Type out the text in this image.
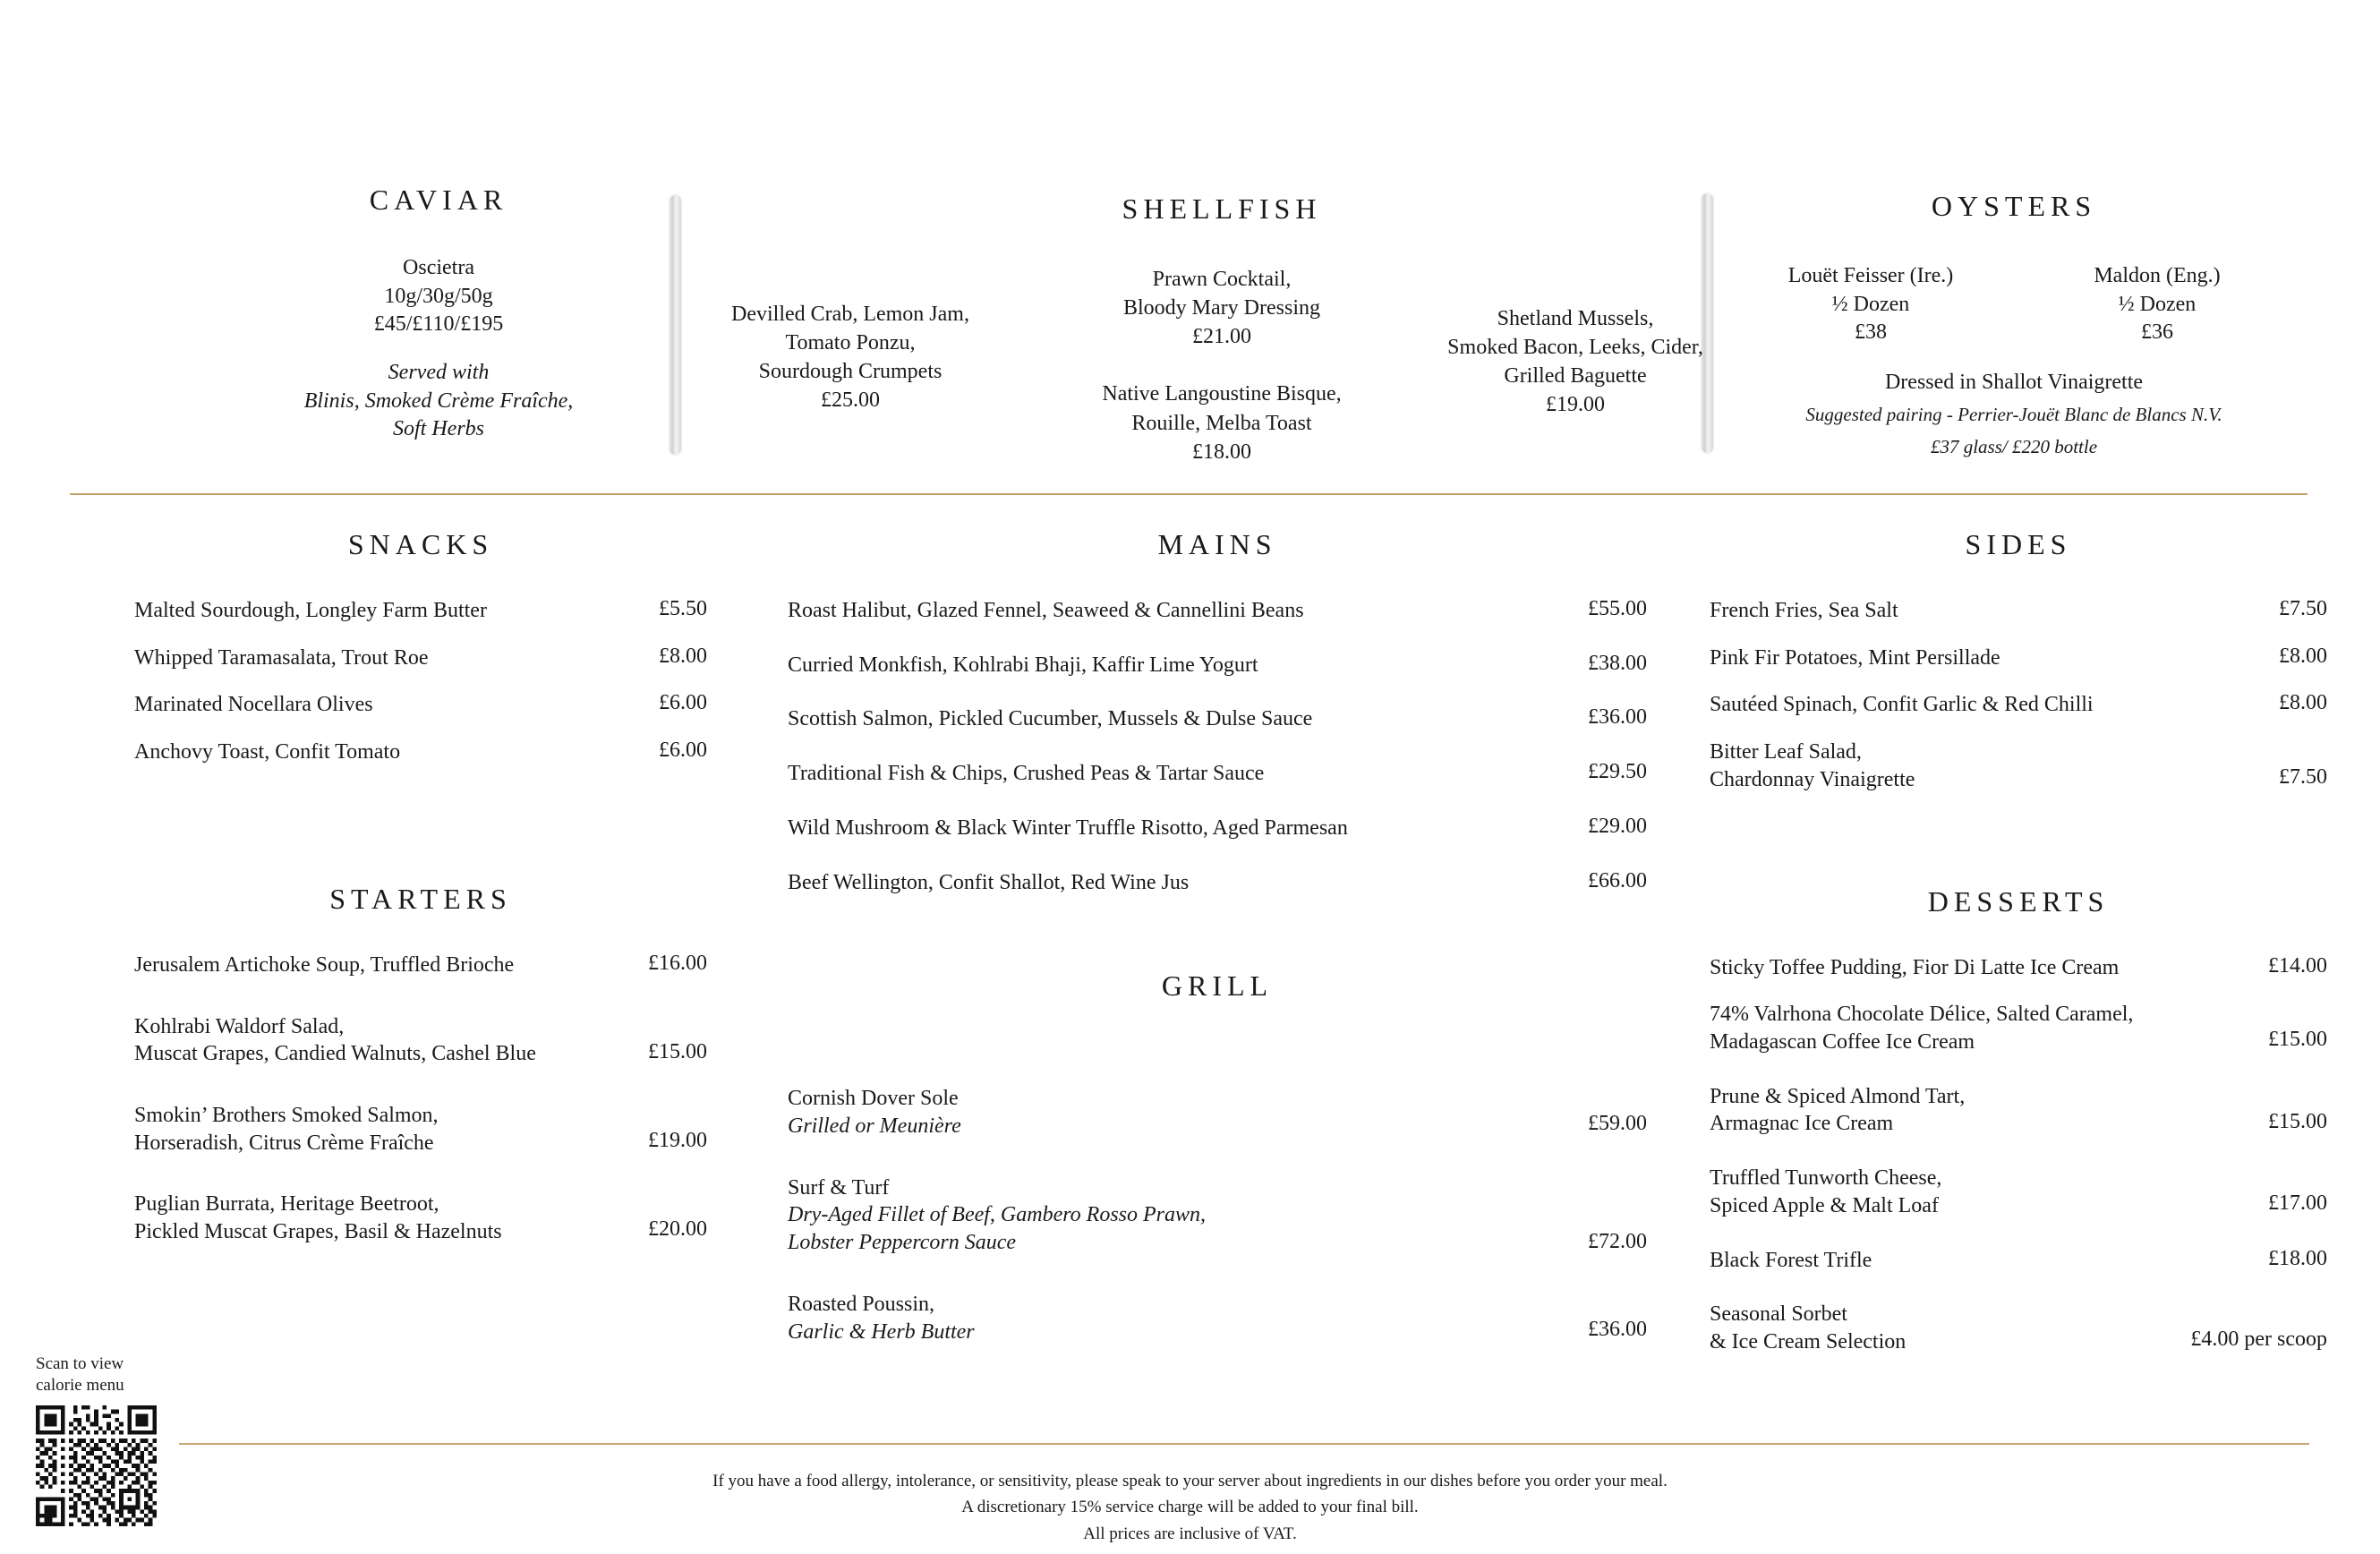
CAVIAR
Oscietra
10g/30g/50g
£45/£110/£195
Served with
Blinis, Smoked Crème Fraîche,
Soft Herbs
Devilled Crab, Lemon Jam,
Tomato Ponzu,
Sourdough Crumpets
£25.00
SHELLFISH
Prawn Cocktail,
Bloody Mary Dressing
£21.00
Native Langoustine Bisque,
Rouille, Melba Toast
£18.00
Shetland Mussels,
Smoked Bacon, Leeks, Cider,
Grilled Baguette
£19.00
OYSTERS
Louët Feisser (Ire.)
½ Dozen
£38
Maldon (Eng.)
½ Dozen
£36
Dressed in Shallot Vinaigrette
Suggested pairing - Perrier-Jouët Blanc de Blancs N.V.
£37 glass/ £220 bottle
SNACKS
Malted Sourdough, Longley Farm Butter	£5.50
Whipped Taramasalata, Trout Roe	£8.00
Marinated Nocellara Olives	£6.00
Anchovy Toast, Confit Tomato	£6.00
STARTERS
Jerusalem Artichoke Soup, Truffled Brioche	£16.00
Kohlrabi Waldorf Salad,
Muscat Grapes, Candied Walnuts, Cashel Blue	£15.00
Smokin’ Brothers Smoked Salmon,
Horseradish, Citrus Crème Fraîche	£19.00
Puglian Burrata, Heritage Beetroot,
Pickled Muscat Grapes, Basil & Hazelnuts	£20.00
MAINS
Roast Halibut, Glazed Fennel, Seaweed & Cannellini Beans	£55.00
Curried Monkfish, Kohlrabi Bhaji, Kaffir Lime Yogurt	£38.00
Scottish Salmon, Pickled Cucumber, Mussels & Dulse Sauce	£36.00
Traditional Fish & Chips, Crushed Peas & Tartar Sauce	£29.50
Wild Mushroom & Black Winter Truffle Risotto, Aged Parmesan	£29.00
Beef Wellington, Confit Shallot, Red Wine Jus	£66.00
GRILL
Cornish Dover Sole
Grilled or Meunière	£59.00
Surf & Turf
Dry-Aged Fillet of Beef, Gambero Rosso Prawn,
Lobster Peppercorn Sauce	£72.00
Roasted Poussin,
Garlic & Herb Butter	£36.00
SIDES
French Fries, Sea Salt	£7.50
Pink Fir Potatoes, Mint Persillade	£8.00
Sautéed Spinach, Confit Garlic & Red Chilli	£8.00
Bitter Leaf Salad,
Chardonnay Vinaigrette	£7.50
DESSERTS
Sticky Toffee Pudding, Fior Di Latte Ice Cream	£14.00
74% Valrhona Chocolate Délice, Salted Caramel,
Madagascan Coffee Ice Cream	£15.00
Prune & Spiced Almond Tart,
Armagnac Ice Cream	£15.00
Truffled Tunworth Cheese,
Spiced Apple & Malt Loaf	£17.00
Black Forest Trifle	£18.00
Seasonal Sorbet
& Ice Cream Selection	£4.00 per scoop
Scan to view
calorie menu
If you have a food allergy, intolerance, or sensitivity, please speak to your server about ingredients in our dishes before you order your meal.
A discretionary 15% service charge will be added to your final bill.
All prices are inclusive of VAT.
